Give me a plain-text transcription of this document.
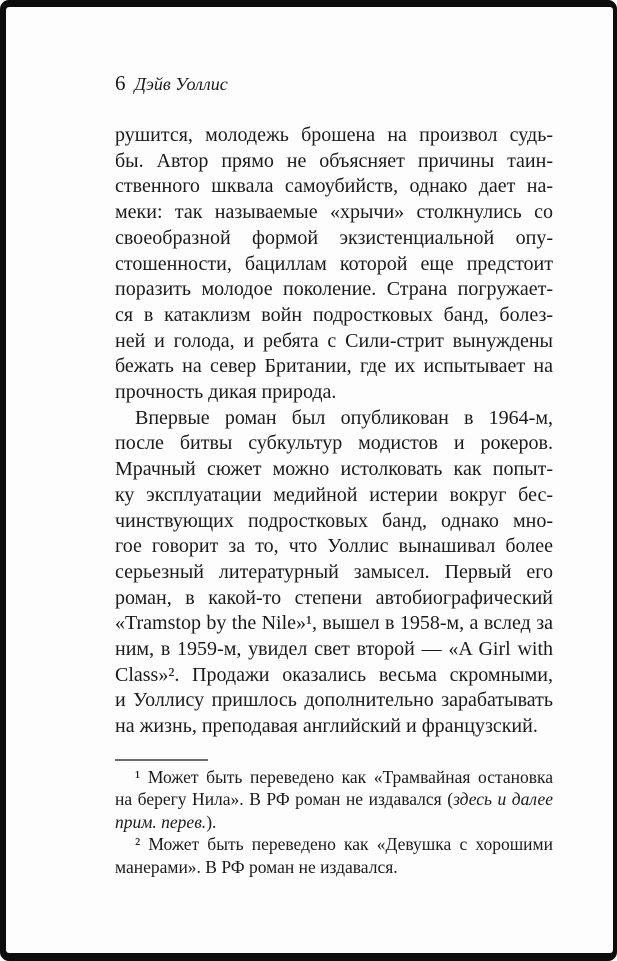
6 Дэйв Уоллис
рушится, молодежь брошена на произвол судь-
бы. Автор прямо не объясняет причины таин-
ственного шквала самоубийств, однако дает на-
меки: так называемые «хрычи» столкнулись со
своеобразной формой экзистенциальной опу-
стошенности, бациллам которой еще предстоит
поразить молодое поколение. Страна погружает-
ся в катаклизм войн подростковых банд, болез-
ней и голода, и ребята с Сили-стрит вынуждены
бежать на север Британии, где их испытывает на
прочность дикая природа.
Впервые роман был опубликован в 1964-м,
после битвы субкультур модистов и рокеров.
Мрачный сюжет можно истолковать как попыт-
ку эксплуатации медийной истерии вокруг бес-
чинствующих подростковых банд, однако мно-
гое говорит за то, что Уоллис вынашивал более
серьезный литературный замысел. Первый его
роман, в какой-то степени автобиографический
«Tramstop by the Nile»¹, вышел в 1958-м, а вслед за
ним, в 1959-м, увидел свет второй — «A Girl with
Class»². Продажи оказались весьма скромными,
и Уоллису пришлось дополнительно зарабатывать
на жизнь, преподавая английский и французский.
¹ Может быть переведено как «Трамвайная остановка
на берегу Нила». В РФ роман не издавался (здесь и далее
прим. перев.).
² Может быть переведено как «Девушка с хорошими
манерами». В РФ роман не издавался.
